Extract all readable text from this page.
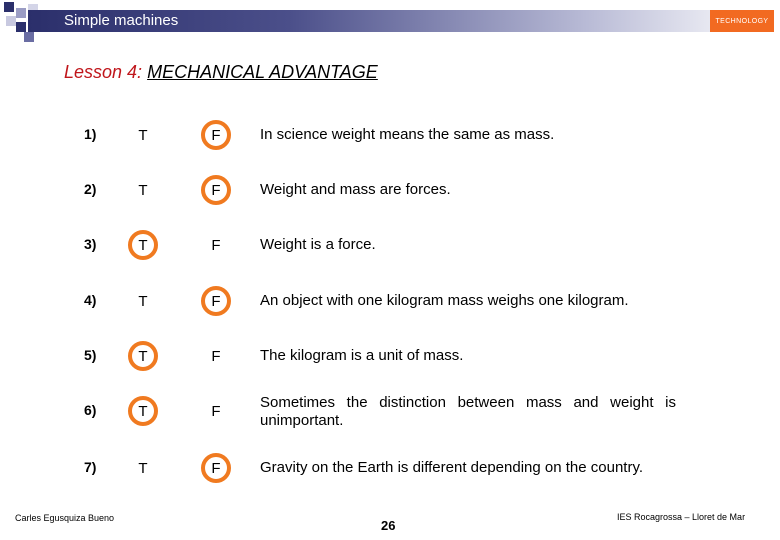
Simple machines	TECHNOLOGY
Lesson 4: MECHANICAL ADVANTAGE
1)	T	F	In science weight means the same as mass.
2)	T	F	Weight and mass are forces.
3)	T	F	Weight is a force.
4)	T	F	An object with one kilogram mass weighs one kilogram.
5)	T	F	The kilogram is a unit of mass.
6)	T	F	Sometimes the distinction between mass and weight is unimportant.
7)	T	F	Gravity on the Earth is different depending on the country.
Carles Egusquiza Bueno	26
IES Rocagrossa – Lloret de Mar
